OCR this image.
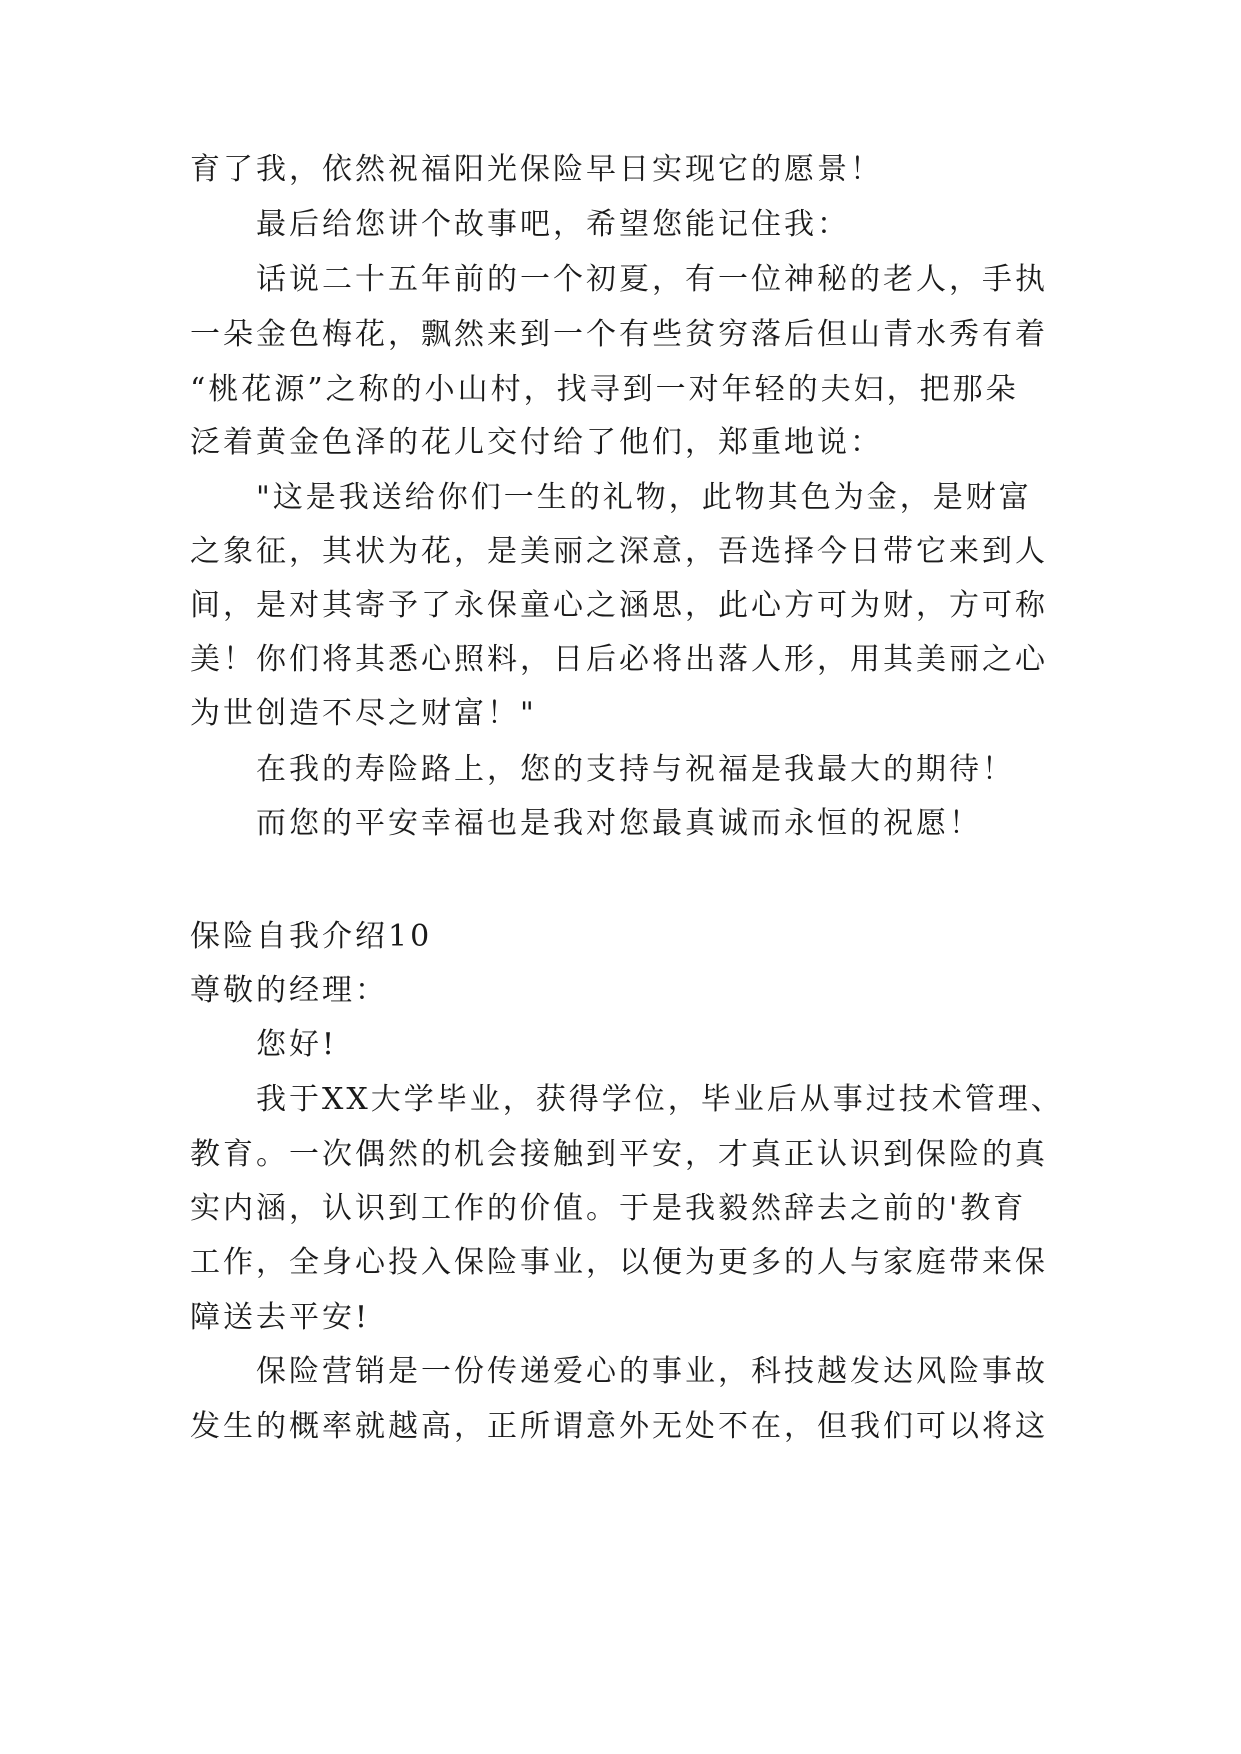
育了我，依然祝福阳光保险早日实现它的愿景！
最后给您讲个故事吧，希望您能记住我：
话说二十五年前的一个初夏，有一位神秘的老人，手执
一朵金色梅花，飘然来到一个有些贫穷落后但山青水秀有着
“桃花源”之称的小山村，找寻到一对年轻的夫妇，把那朵
泛着黄金色泽的花儿交付给了他们，郑重地说：
"这是我送给你们一生的礼物，此物其色为金，是财富
之象征，其状为花，是美丽之深意，吾选择今日带它来到人
间，是对其寄予了永保童心之涵思，此心方可为财，方可称
美！你们将其悉心照料，日后必将出落人形，用其美丽之心
为世创造不尽之财富！"
在我的寿险路上，您的支持与祝福是我最大的期待！
而您的平安幸福也是我对您最真诚而永恒的祝愿！
保险自我介绍10
尊敬的经理：
您好!
我于XX大学毕业，获得学位，毕业后从事过技术管理、
教育。一次偶然的机会接触到平安，才真正认识到保险的真
实内涵，认识到工作的价值。于是我毅然辞去之前的'教育
工作，全身心投入保险事业，以便为更多的人与家庭带来保
障送去平安!
保险营销是一份传递爱心的事业，科技越发达风险事故
发生的概率就越高，正所谓意外无处不在，但我们可以将这
